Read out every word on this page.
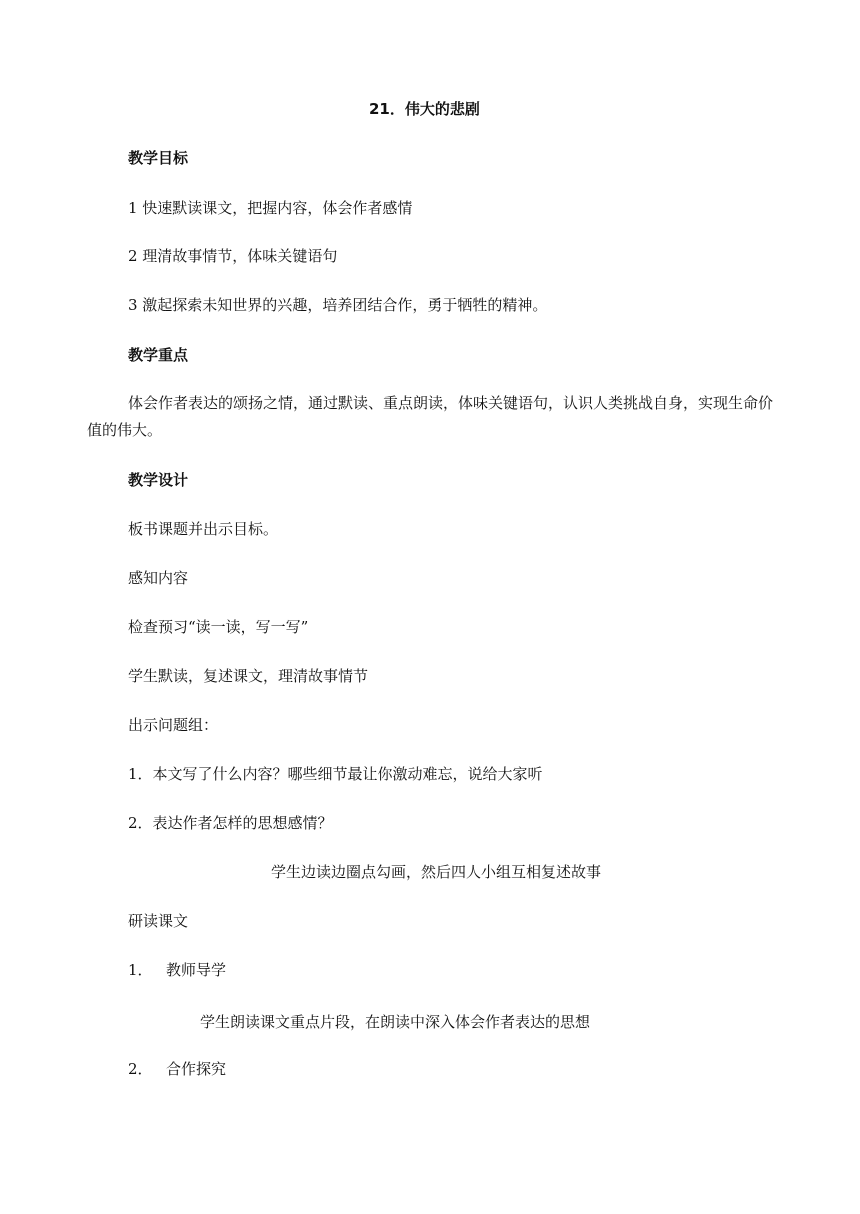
21．伟大的悲剧
教学目标
1 快速默读课文，把握内容，体会作者感情
2 理清故事情节，体味关键语句
3 激起探索未知世界的兴趣，培养团结合作，勇于牺牲的精神。
教学重点
体会作者表达的颂扬之情，通过默读、重点朗读，体味关键语句，认识人类挑战自身，实现生命价值的伟大。
教学设计
板书课题并出示目标。
感知内容
检查预习“读一读，写一写”
学生默读，复述课文，理清故事情节
出示问题组：
1．本文写了什么内容？哪些细节最让你激动难忘，说给大家听
2．表达作者怎样的思想感情？
学生边读边圈点勾画，然后四人小组互相复述故事
研读课文
1． 教师导学
学生朗读课文重点片段，在朗读中深入体会作者表达的思想
2． 合作探究
